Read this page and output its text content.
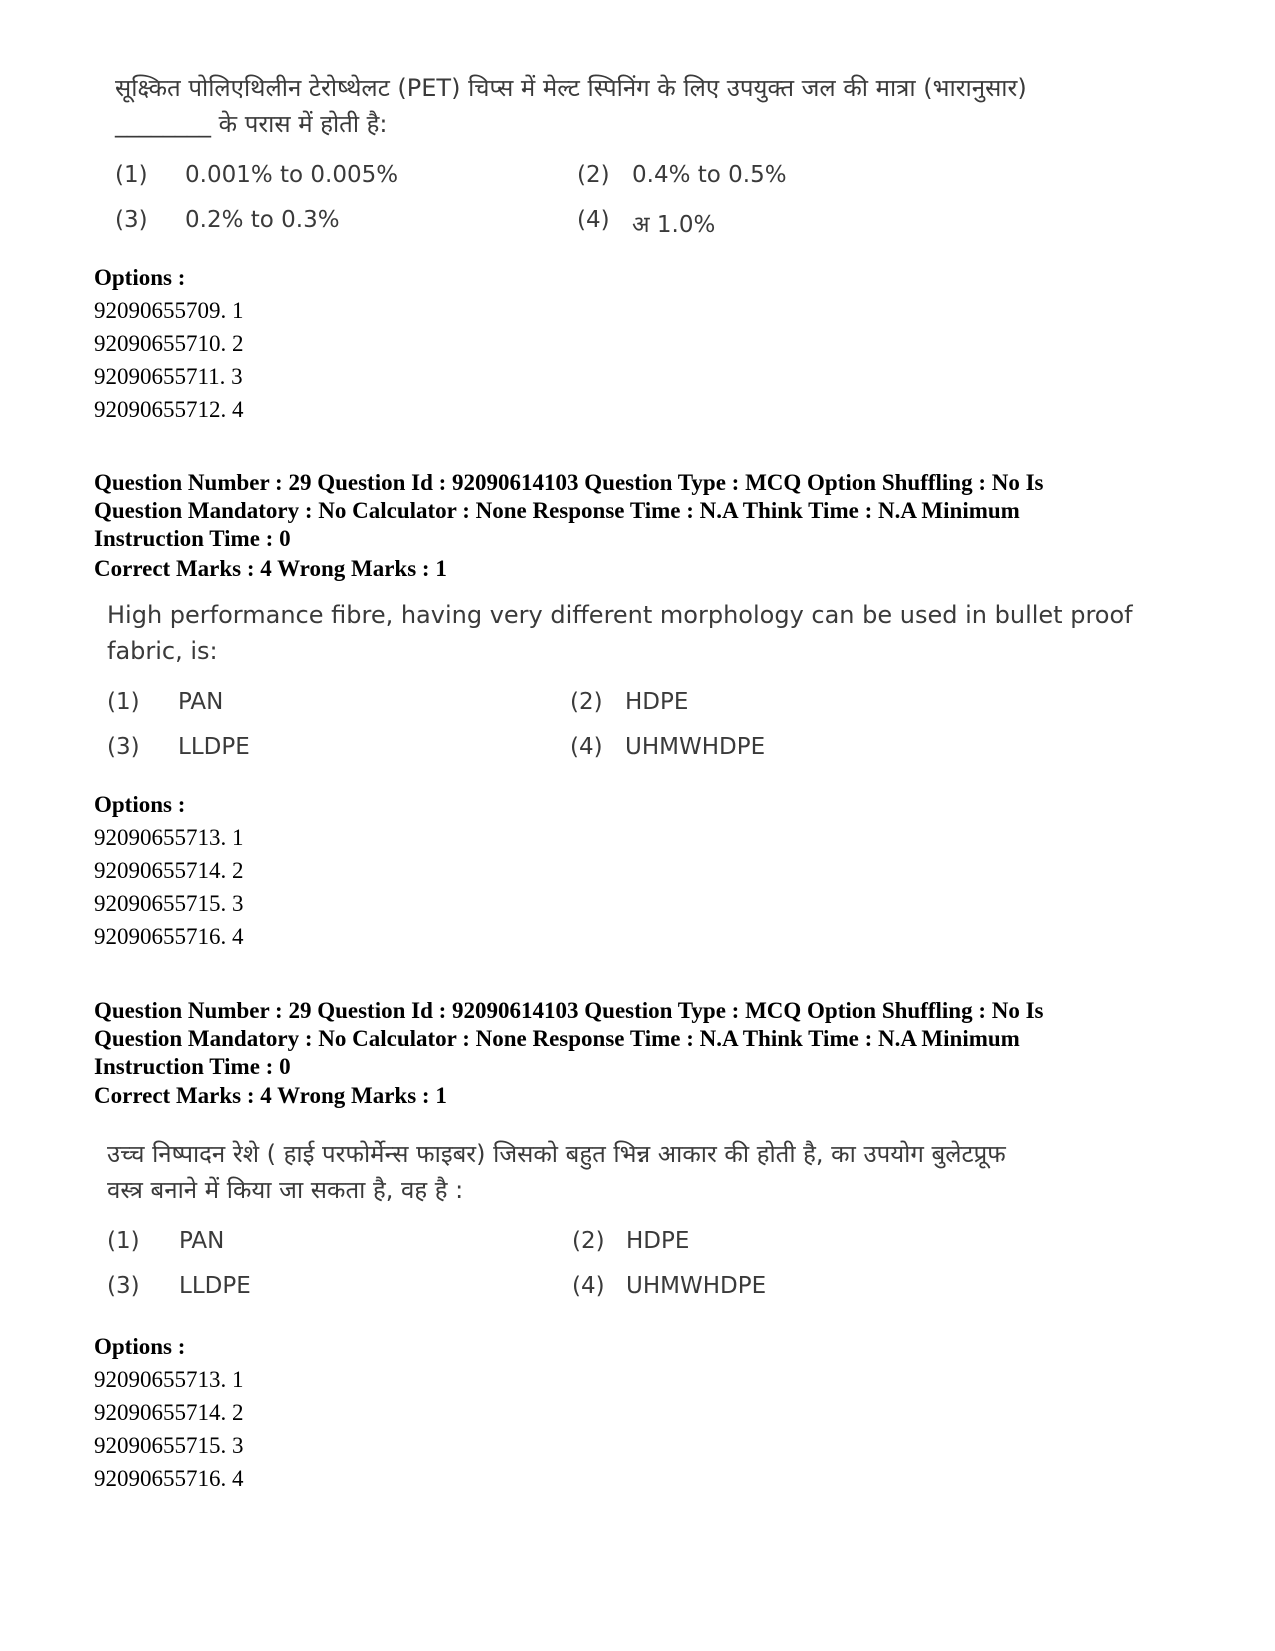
सूक्ष्कित पोलिएथिलीन टेरोष्थेलट (PET) चिप्स में मेल्ट स्पिनिंग के लिए उपयुक्त जल की मात्रा (भारानुसार)
________ के परास में होती है:
(1) 0.001% to 0.005%	(2) 0.4% to 0.5%
(3) 0.2% to 0.3%	(4) अ 1.0%
Options :
92090655709. 1
92090655710. 2
92090655711. 3
92090655712. 4
Question Number : 29 Question Id : 92090614103 Question Type : MCQ Option Shuffling : No Is
Question Mandatory : No Calculator : None Response Time : N.A Think Time : N.A Minimum
Instruction Time : 0
Correct Marks : 4 Wrong Marks : 1
High performance fibre, having very different morphology can be used in bullet proof
fabric, is:
(1) PAN	(2) HDPE
(3) LLDPE	(4) UHMWHDPE
Options :
92090655713. 1
92090655714. 2
92090655715. 3
92090655716. 4
Question Number : 29 Question Id : 92090614103 Question Type : MCQ Option Shuffling : No Is
Question Mandatory : No Calculator : None Response Time : N.A Think Time : N.A Minimum
Instruction Time : 0
Correct Marks : 4 Wrong Marks : 1
उच्च निष्पादन रेशे ( हाई परफोर्मेन्स फाइबर) जिसको बहुत भिन्न आकार की होती है, का उपयोग बुलेटप्रूफ
वस्त्र बनाने में किया जा सकता है, वह है :
(1) PAN	(2) HDPE
(3) LLDPE	(4) UHMWHDPE
Options :
92090655713. 1
92090655714. 2
92090655715. 3
92090655716. 4
